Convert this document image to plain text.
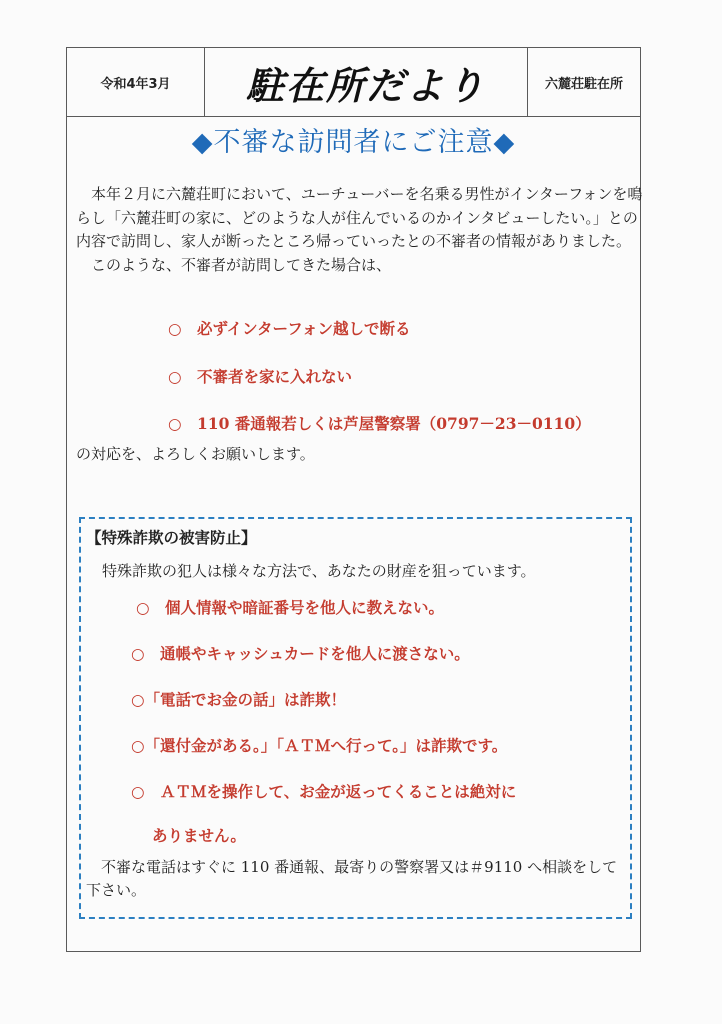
令和4年3月	駐在所だより	六麓荘駐在所
◆不審な訪問者にご注意◆

本年２月に六麓荘町において、ユーチューバーを名乗る男性がインターフォンを鳴らし「六麓荘町の家に、どのような人が住んでいるのかインタビューしたい。」との内容で訪問し、家人が断ったところ帰っていったとの不審者の情報がありました。

このような、不審者が訪問してきた場合は、

○　必ずインターフォン越しで断る
○　不審者を家に入れない
○　110 番通報若しくは芦屋警察署（0797－23－0110）
の対応を、よろしくお願いします。
【特殊詐欺の被害防止】
特殊詐欺の犯人は様々な方法で、あなたの財産を狙っています。
○　個人情報や暗証番号を他人に教えない。
○　通帳やキャッシュカードを他人に渡さない。
○「電話でお金の話」は詐欺！
○「還付金がある。」「ＡＴＭへ行って。」は詐欺です。
○　ＡＴＭを操作して、お金が返ってくることは絶対に
ありません。

不審な電話はすぐに 110 番通報、最寄りの警察署又は＃9110 へ相談をして下さい。
